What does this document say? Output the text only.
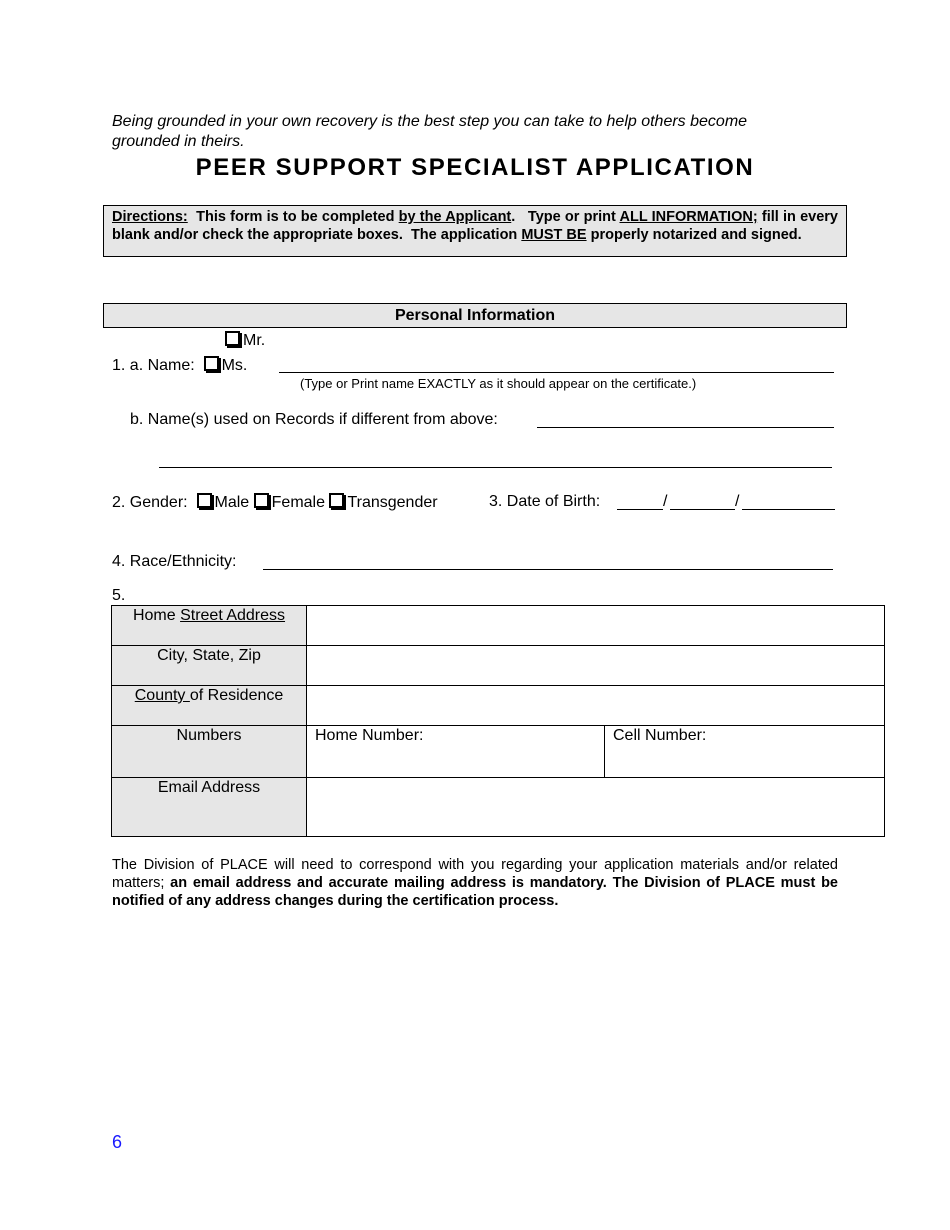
Being grounded in your own recovery is the best step you can take to help others become grounded in theirs.
PEER SUPPORT SPECIALIST APPLICATION
Directions:  This form is to be completed by the Applicant.   Type or print ALL INFORMATION; fill in every blank and/or check the appropriate boxes.  The application MUST BE properly notarized and signed.
Personal Information
Mr.
1. a. Name: Ms.
(Type or Print name EXACTLY as it should appear on the certificate.)
b. Name(s) used on Records if different from above:
2. Gender: Male Female Transgender	3. Date of Birth:	/	/
4. Race/Ethnicity:
5.
Home Street Address		
City, State, Zip		
County of Residence		
Numbers	Home Number:	Cell Number:
Email Address		
The Division of PLACE will need to correspond with you regarding your application materials and/or related matters; an email address and accurate mailing address is mandatory. The Division of PLACE must be notified of any address changes during the certification process.
6
